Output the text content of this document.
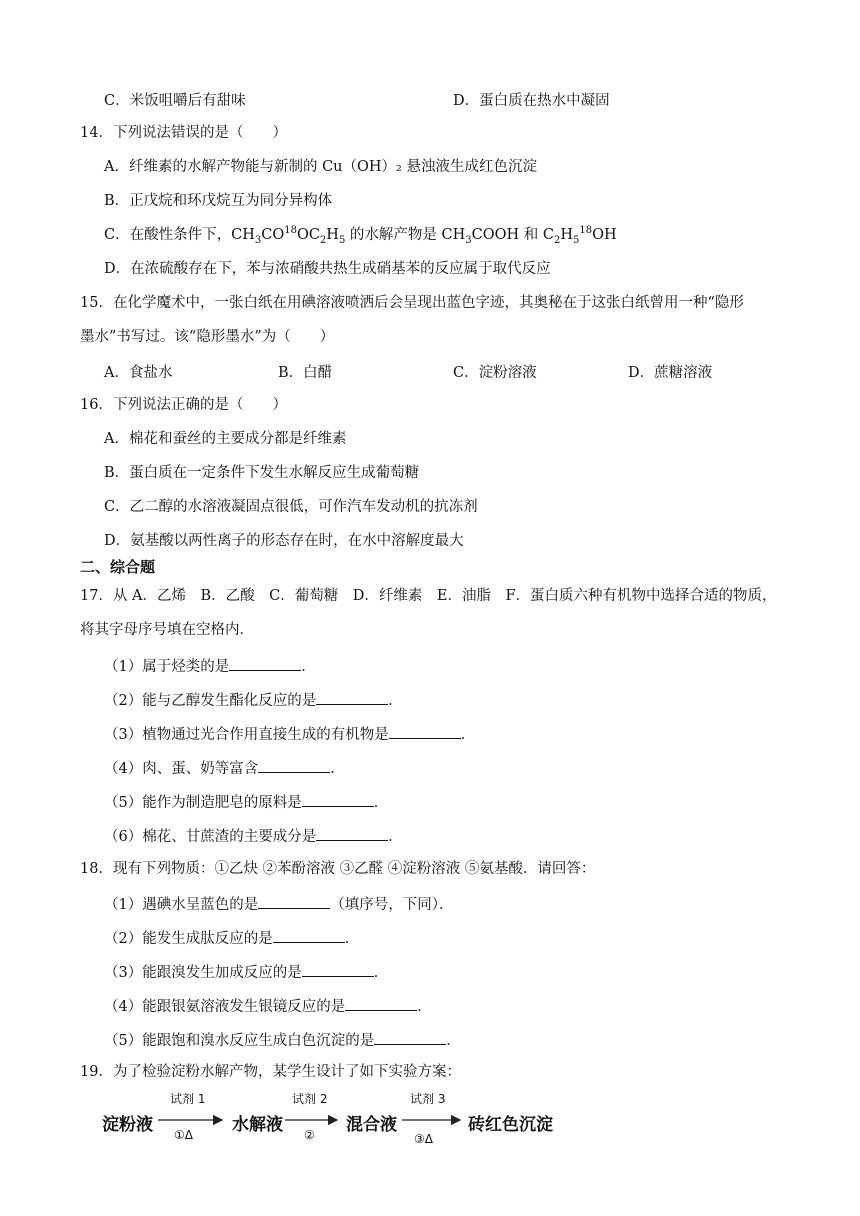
C．米饭咀嚼后有甜味	D．蛋白质在热水中凝固
14．下列说法错误的是（　　）
A．纤维素的水解产物能与新制的 Cu（OH）₂ 悬浊液生成红色沉淀
B．正戊烷和环戊烷互为同分异构体
C．在酸性条件下，$CH_3CO^{18}OC_2H_5$ 的水解产物是 $CH_3COOH$ 和 $C_2H_5^{18}OH$
D．在浓硫酸存在下，苯与浓硝酸共热生成硝基苯的反应属于取代反应
15．在化学魔术中，一张白纸在用碘溶液喷洒后会呈现出蓝色字迹，其奥秘在于这张白纸曾用一种“隐形
墨水”书写过。该“隐形墨水”为（　　）
A．食盐水	B．白醋	C．淀粉溶液	D．蔗糖溶液
16．下列说法正确的是（　　）
A．棉花和蚕丝的主要成分都是纤维素
B．蛋白质在一定条件下发生水解反应生成葡萄糖
C．乙二醇的水溶液凝固点很低，可作汽车发动机的抗冻剂
D．氨基酸以两性离子的形态存在时，在水中溶解度最大
二、综合题
17．从 A．乙烯　B．乙酸　C．葡萄糖　D．纤维素　E．油脂　F．蛋白质六种有机物中选择合适的物质，
将其字母序号填在空格内．
（1）属于烃类的是	．
（2）能与乙醇发生酯化反应的是	．
（3）植物通过光合作用直接生成的有机物是	．
（4）肉、蛋、奶等富含	．
（5）能作为制造肥皂的原料是	．
（6）棉花、甘蔗渣的主要成分是	．
18．现有下列物质：①乙炔 ②苯酚溶液 ③乙醛 ④淀粉溶液 ⑤氨基酸．请回答：
（1）遇碘水呈蓝色的是	（填序号，下同）．
（2）能发生成肽反应的是	．
（3）能跟溴发生加成反应的是	．
（4）能跟银氨溶液发生银镜反应的是	．
（5）能跟饱和溴水反应生成白色沉淀的是	．
19．为了检验淀粉水解产物，某学生设计了如下实验方案：
淀粉液	水解液	混合液	砖红色沉淀
试剂 1
①Δ
试剂 2
②
试剂 3
③Δ
